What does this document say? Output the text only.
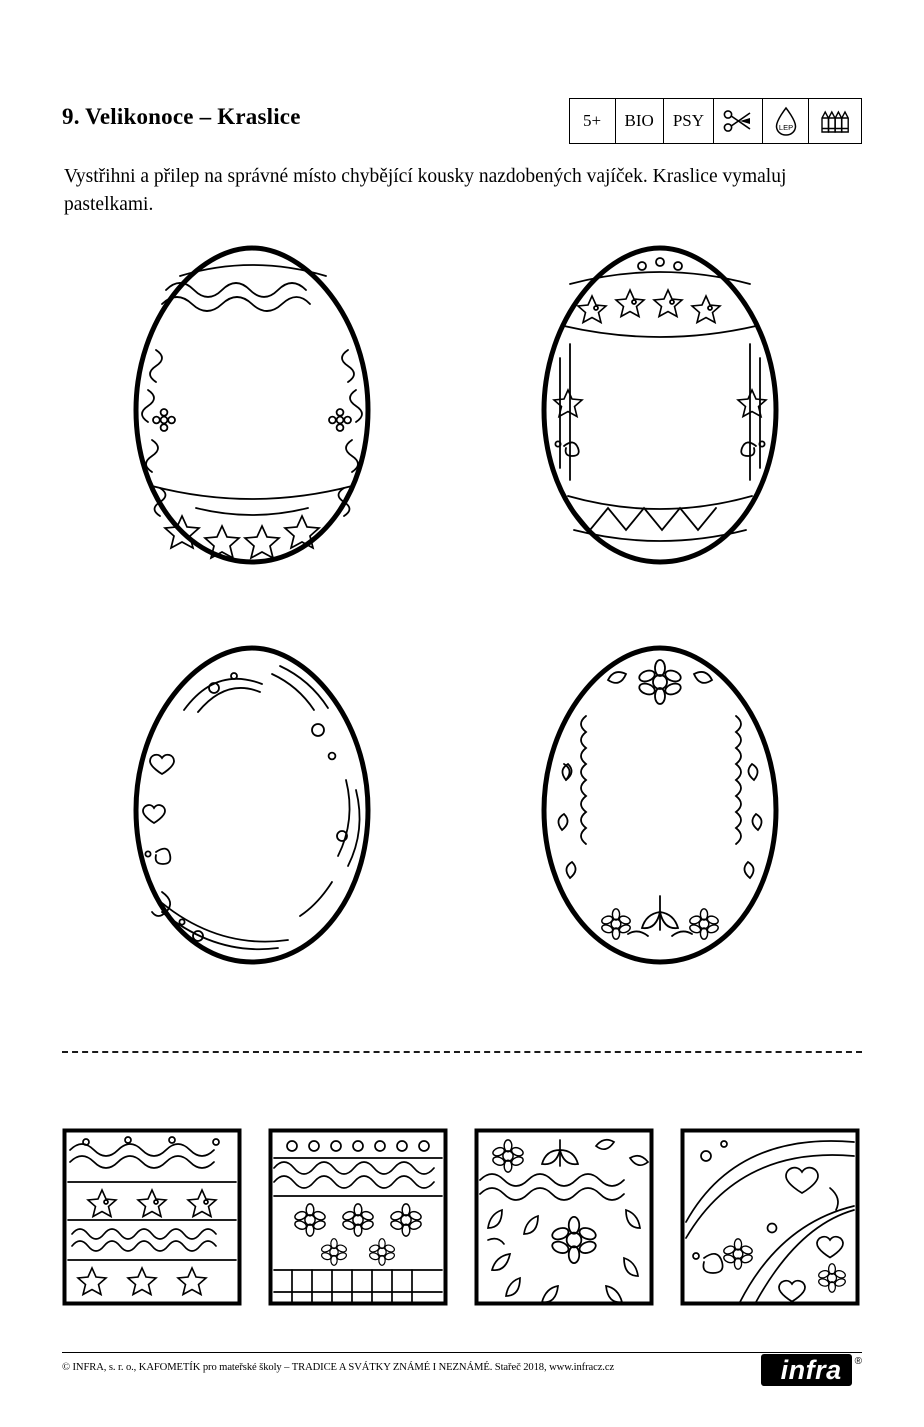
9. Velikonoce – Kraslice	5+	BIO	PSY	LEP
Vystřihni a přilep na správné místo chybějící kousky nazdobených vajíček. Kraslice vymaluj pastelkami.
© INFRA, s. r. o., KAFOMETÍK pro mateřské školy – TRADICE A SVÁTKY ZNÁMÉ I NEZNÁMÉ. Stařeč 2018, www.infracz.cz	infra	®
